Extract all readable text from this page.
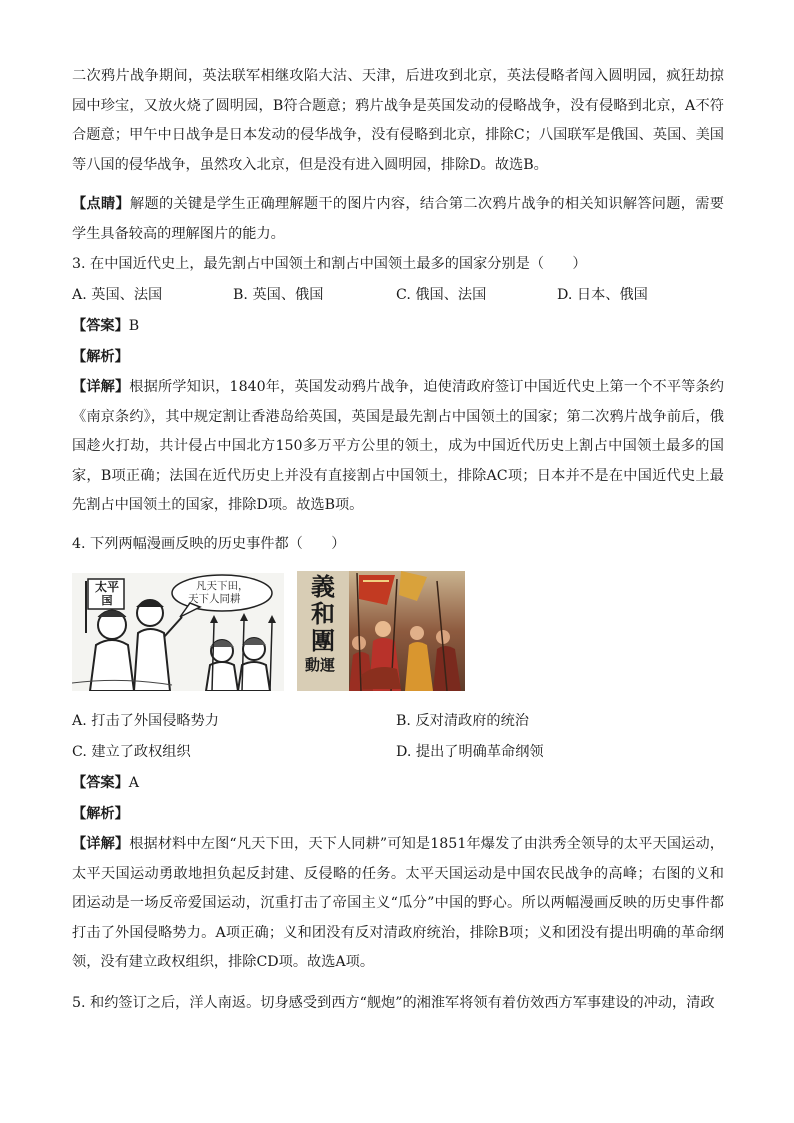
二次鸦片战争期间，英法联军相继攻陷大沽、天津，后进攻到北京，英法侵略者闯入圆明园，疯狂劫掠园中珍宝，又放火烧了圆明园，B符合题意；鸦片战争是英国发动的侵略战争，没有侵略到北京，A不符合题意；甲午中日战争是日本发动的侵华战争，没有侵略到北京，排除C；八国联军是俄国、英国、美国等八国的侵华战争，虽然攻入北京，但是没有进入圆明园，排除D。故选B。

【点睛】解题的关键是学生正确理解题干的图片内容，结合第二次鸦片战争的相关知识解答问题，需要学生具备较高的理解图片的能力。

3. 在中国近代史上，最先割占中国领土和割占中国领土最多的国家分别是（　　）

A. 英国、法国	B. 英国、俄国	C. 俄国、法国	D. 日本、俄国

【答案】B

【解析】

【详解】根据所学知识，1840年，英国发动鸦片战争，迫使清政府签订中国近代史上第一个不平等条约《南京条约》，其中规定割让香港岛给英国，英国是最先割占中国领土的国家；第二次鸦片战争前后，俄国趁火打劫，共计侵占中国北方150多万平方公里的领土，成为中国近代历史上割占中国领土最多的国家，B项正确；法国在近代历史上并没有直接割占中国领土，排除AC项；日本并不是在中国近代史上最先割占中国领土的国家，排除D项。故选B项。

4. 下列两幅漫画反映的历史事件都（　　）

太平
国
凡天下田，
天下人同耕	義
和
團
動運
A. 打击了外国侵略势力	B. 反对清政府的统治
C. 建立了政权组织	D. 提出了明确革命纲领

【答案】A

【解析】

【详解】根据材料中左图“凡天下田，天下人同耕”可知是1851年爆发了由洪秀全领导的太平天国运动，太平天国运动勇敢地担负起反封建、反侵略的任务。太平天国运动是中国农民战争的高峰；右图的义和团运动是一场反帝爱国运动，沉重打击了帝国主义“瓜分”中国的野心。所以两幅漫画反映的历史事件都打击了外国侵略势力。A项正确；义和团没有反对清政府统治，排除B项；义和团没有提出明确的革命纲领，没有建立政权组织，排除CD项。故选A项。

5. 和约签订之后，洋人南返。切身感受到西方“舰炮”的湘淮军将领有着仿效西方军事建设的冲动，清政
